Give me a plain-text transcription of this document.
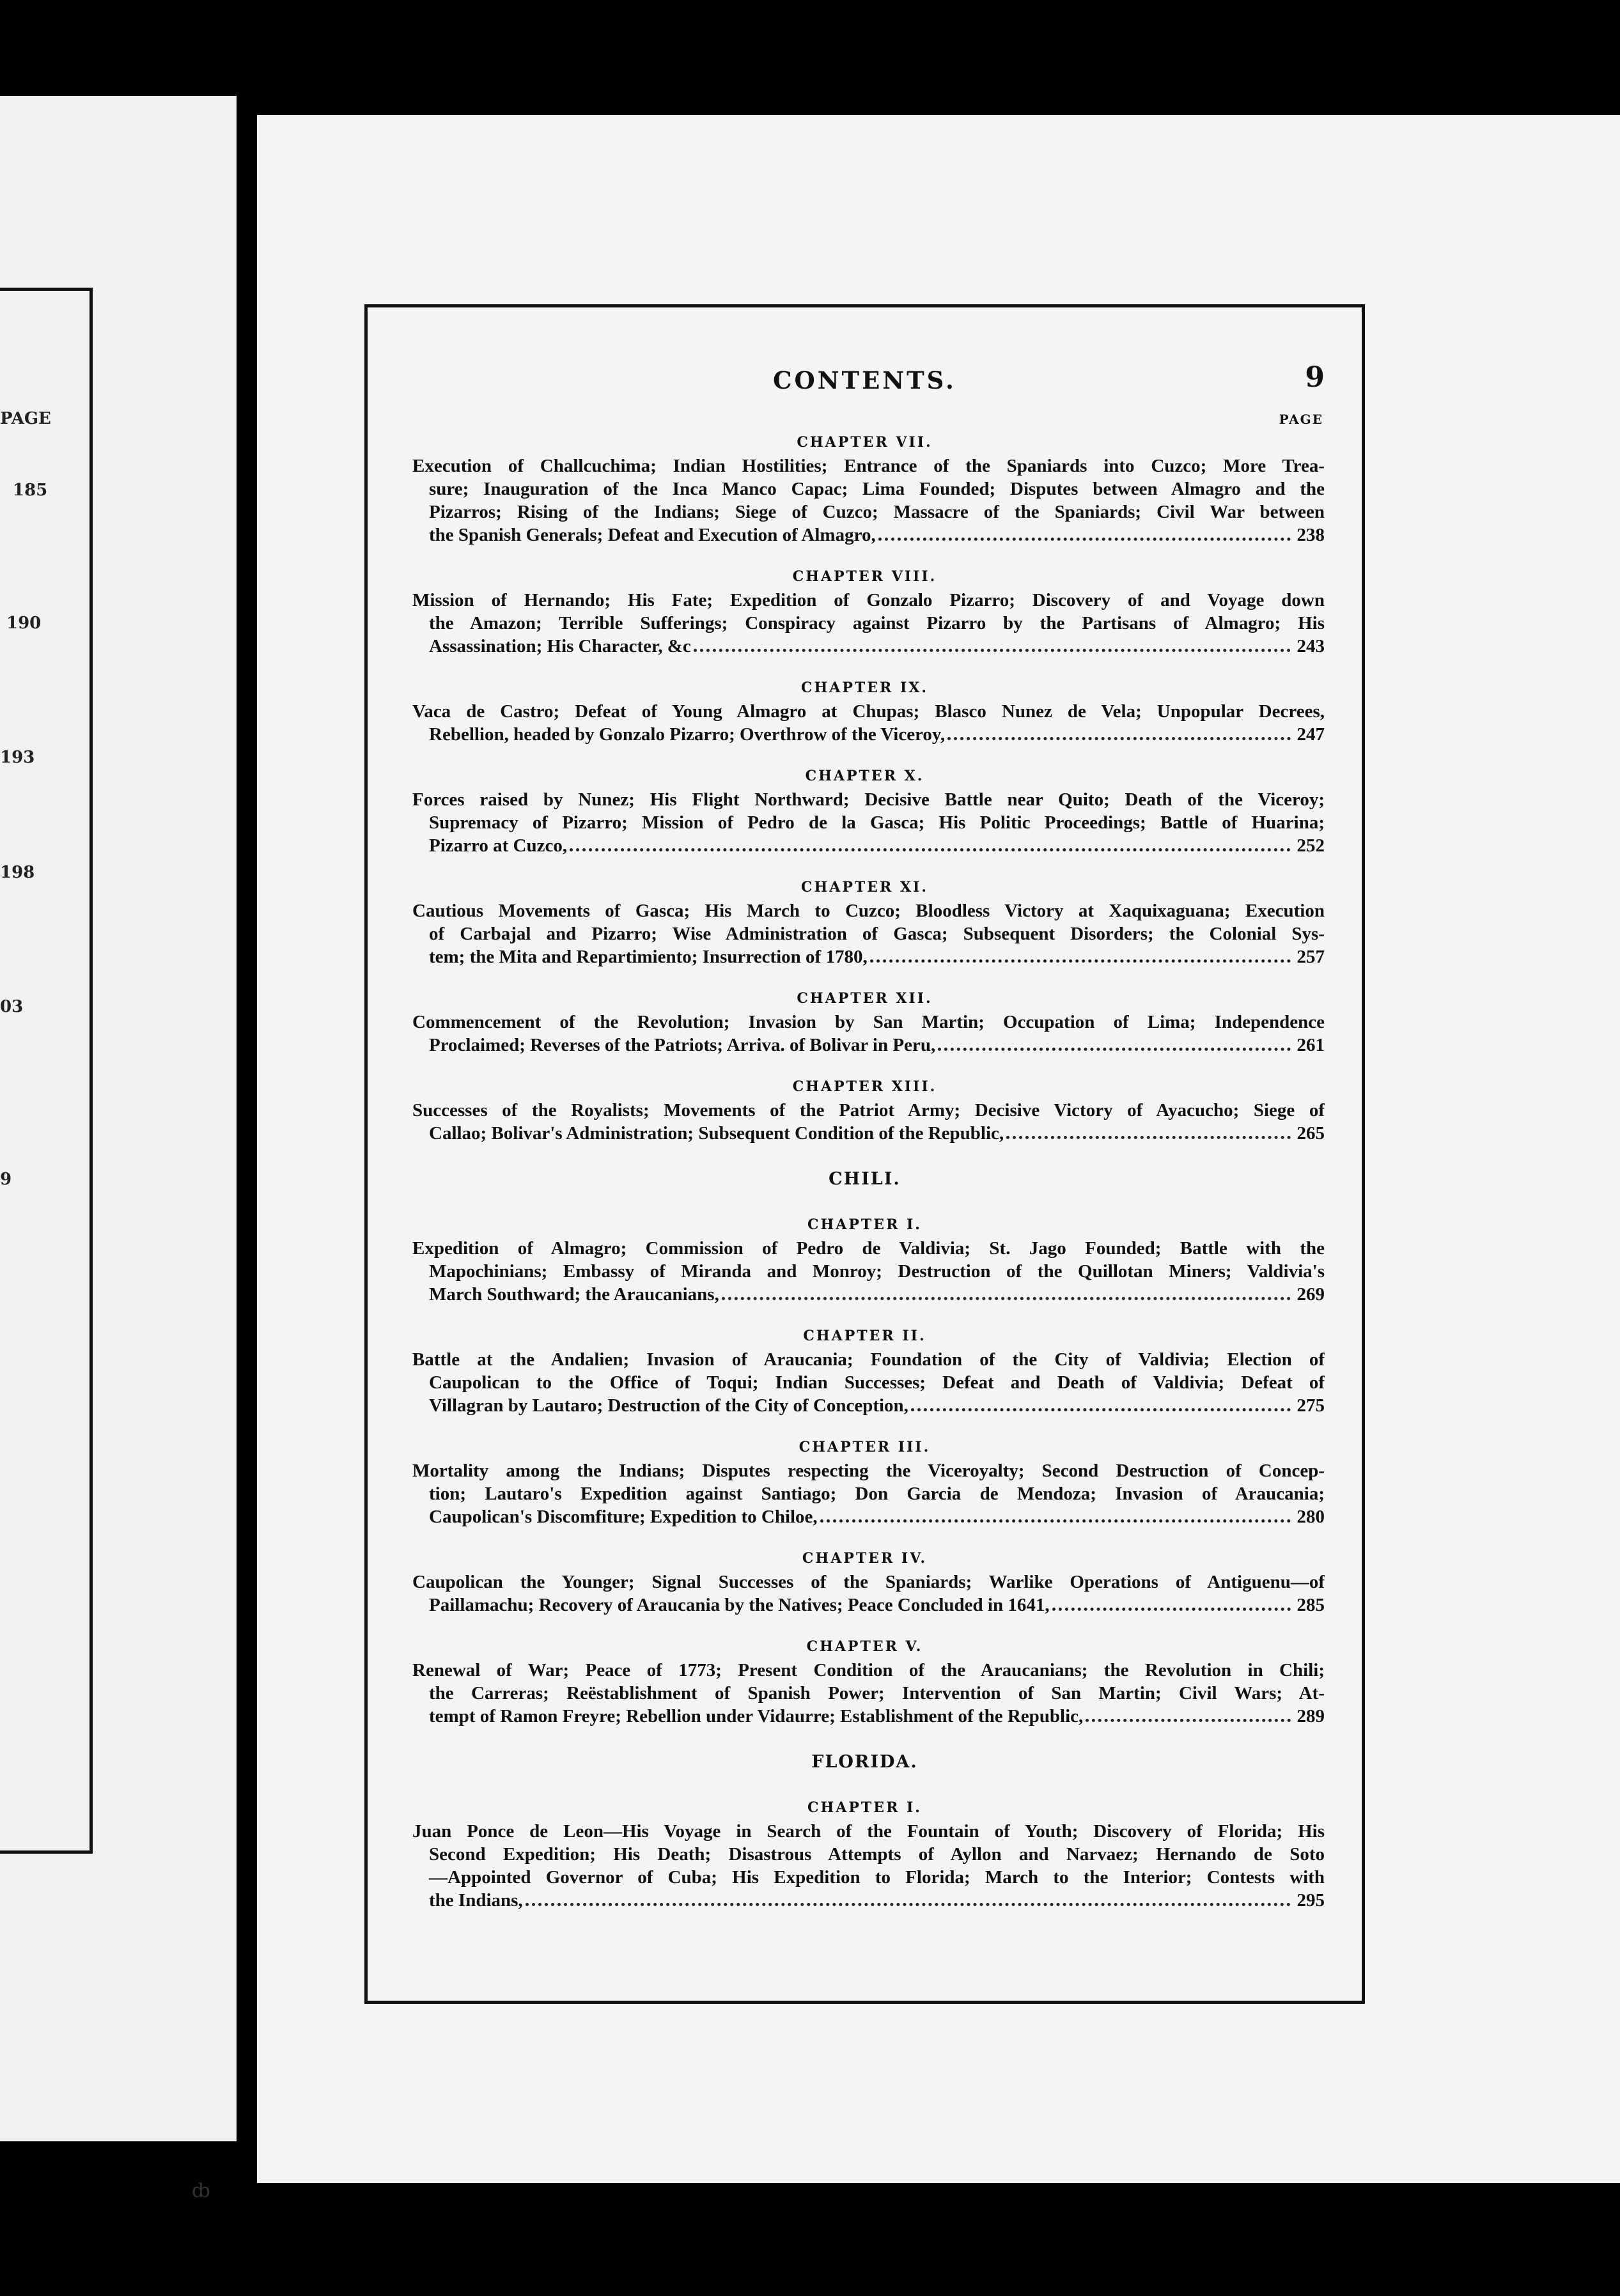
PAGE
185
190
193
198
03
9
CONTENTS.	9
PAGE
CHAPTER VII.
Execution of Challcuchima; Indian Hostilities; Entrance of the Spaniards into Cuzco; More Trea-
sure; Inauguration of the Inca Manco Capac; Lima Founded; Disputes between Almagro and the
Pizarros; Rising of the Indians; Siege of Cuzco; Massacre of the Spaniards; Civil War between
the Spanish Generals; Defeat and Execution of Almagro,	238
CHAPTER VIII.
Mission of Hernando; His Fate; Expedition of Gonzalo Pizarro; Discovery of and Voyage down
the Amazon; Terrible Sufferings; Conspiracy against Pizarro by the Partisans of Almagro; His
Assassination; His Character, &c	243
CHAPTER IX.
Vaca de Castro; Defeat of Young Almagro at Chupas; Blasco Nunez de Vela; Unpopular Decrees,
Rebellion, headed by Gonzalo Pizarro; Overthrow of the Viceroy,	247
CHAPTER X.
Forces raised by Nunez; His Flight Northward; Decisive Battle near Quito; Death of the Viceroy;
Supremacy of Pizarro; Mission of Pedro de la Gasca; His Politic Proceedings; Battle of Huarina;
Pizarro at Cuzco,	252
CHAPTER XI.
Cautious Movements of Gasca; His March to Cuzco; Bloodless Victory at Xaquixaguana; Execution
of Carbajal and Pizarro; Wise Administration of Gasca; Subsequent Disorders; the Colonial Sys-
tem; the Mita and Repartimiento; Insurrection of 1780,	257
CHAPTER XII.
Commencement of the Revolution; Invasion by San Martin; Occupation of Lima; Independence
Proclaimed; Reverses of the Patriots; Arriva. of Bolivar in Peru,	261
CHAPTER XIII.
Successes of the Royalists; Movements of the Patriot Army; Decisive Victory of Ayacucho; Siege of
Callao; Bolivar's Administration; Subsequent Condition of the Republic,	265
CHILI.
CHAPTER I.
Expedition of Almagro; Commission of Pedro de Valdivia; St. Jago Founded; Battle with the
Mapochinians; Embassy of Miranda and Monroy; Destruction of the Quillotan Miners; Valdivia's
March Southward; the Araucanians,	269
CHAPTER II.
Battle at the Andalien; Invasion of Araucania; Foundation of the City of Valdivia; Election of
Caupolican to the Office of Toqui; Indian Successes; Defeat and Death of Valdivia; Defeat of
Villagran by Lautaro; Destruction of the City of Conception,	275
CHAPTER III.
Mortality among the Indians; Disputes respecting the Viceroyalty; Second Destruction of Concep-
tion; Lautaro's Expedition against Santiago; Don Garcia de Mendoza; Invasion of Araucania;
Caupolican's Discomfiture; Expedition to Chiloe,	280
CHAPTER IV.
Caupolican the Younger; Signal Successes of the Spaniards; Warlike Operations of Antiguenu—of
Paillamachu; Recovery of Araucania by the Natives; Peace Concluded in 1641,	285
CHAPTER V.
Renewal of War; Peace of 1773; Present Condition of the Araucanians; the Revolution in Chili;
the Carreras; Reëstablishment of Spanish Power; Intervention of San Martin; Civil Wars; At-
tempt of Ramon Freyre; Rebellion under Vidaurre; Establishment of the Republic,	289
FLORIDA.
CHAPTER I.
Juan Ponce de Leon—His Voyage in Search of the Fountain of Youth; Discovery of Florida; His
Second Expedition; His Death; Disastrous Attempts of Ayllon and Narvaez; Hernando de Soto
—Appointed Governor of Cuba; His Expedition to Florida; March to the Interior; Contests with
the Indians,	295
ȸ
